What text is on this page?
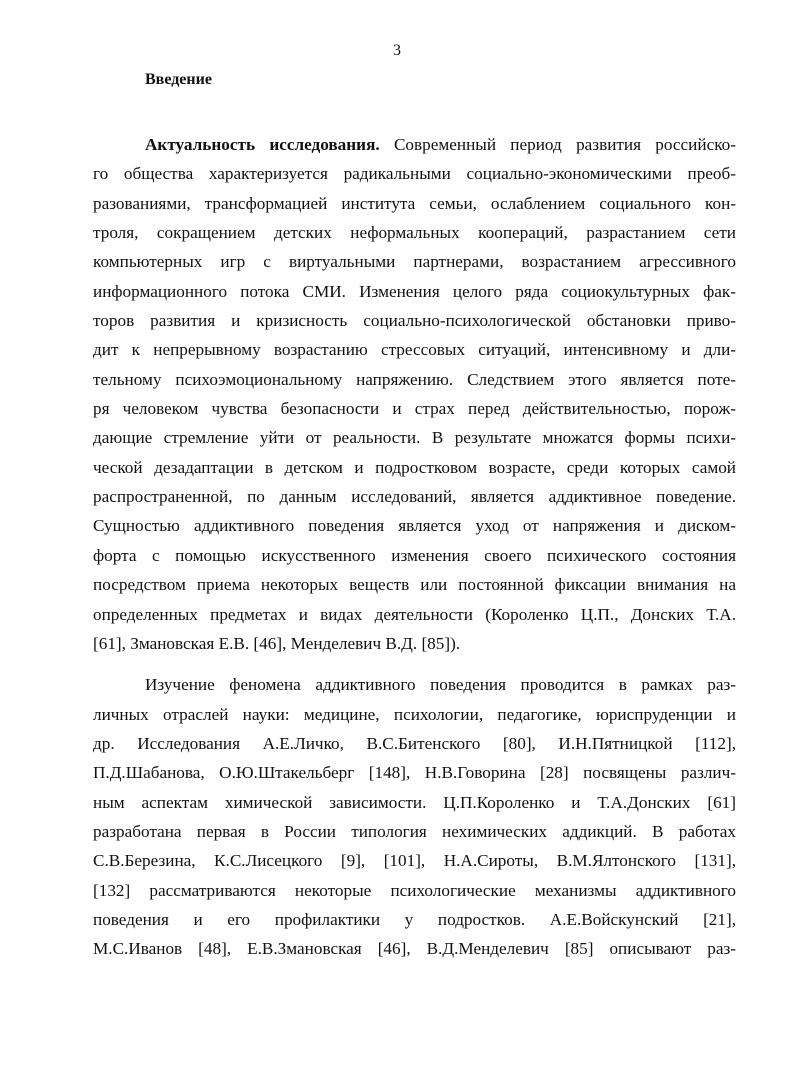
3
Введение
Актуальность исследования. Современный период развития российско-
го общества характеризуется радикальными социально-экономическими преоб-
разованиями, трансформацией института семьи, ослаблением социального кон-
троля, сокращением детских неформальных коопераций, разрастанием сети
компьютерных игр с виртуальными партнерами, возрастанием агрессивного
информационного потока СМИ. Изменения целого ряда социокультурных фак-
торов развития и кризисность социально-психологической обстановки приво-
дит к непрерывному возрастанию стрессовых ситуаций, интенсивному и дли-
тельному психоэмоциональному напряжению. Следствием этого является поте-
ря человеком чувства безопасности и страх перед действительностью, порож-
дающие стремление уйти от реальности. В результате множатся формы психи-
ческой дезадаптации в детском и подростковом возрасте, среди которых самой
распространенной, по данным исследований, является аддиктивное поведение.
Сущностью аддиктивного поведения является уход от напряжения и диском-
форта с помощью искусственного изменения своего психического состояния
посредством приема некоторых веществ или постоянной фиксации внимания на
определенных предметах и видах деятельности (Короленко Ц.П., Донских Т.А.
[61], Змановская Е.В. [46], Менделевич В.Д. [85]).
Изучение феномена аддиктивного поведения проводится в рамках раз-
личных отраслей науки: медицине, психологии, педагогике, юриспруденции и
др. Исследования А.Е.Личко, В.С.Битенского [80], И.Н.Пятницкой [112],
П.Д.Шабанова, О.Ю.Штакельберг [148], Н.В.Говорина [28] посвящены различ-
ным аспектам химической зависимости. Ц.П.Короленко и Т.А.Донских [61]
разработана первая в России типология нехимических аддикций. В работах
С.В.Березина, К.С.Лисецкого [9], [101], Н.А.Сироты, В.М.Ялтонского [131],
[132] рассматриваются некоторые психологические механизмы аддиктивного
поведения и его профилактики у подростков. А.Е.Войскунский [21],
М.С.Иванов [48], Е.В.Змановская [46], В.Д.Менделевич [85] описывают раз-
